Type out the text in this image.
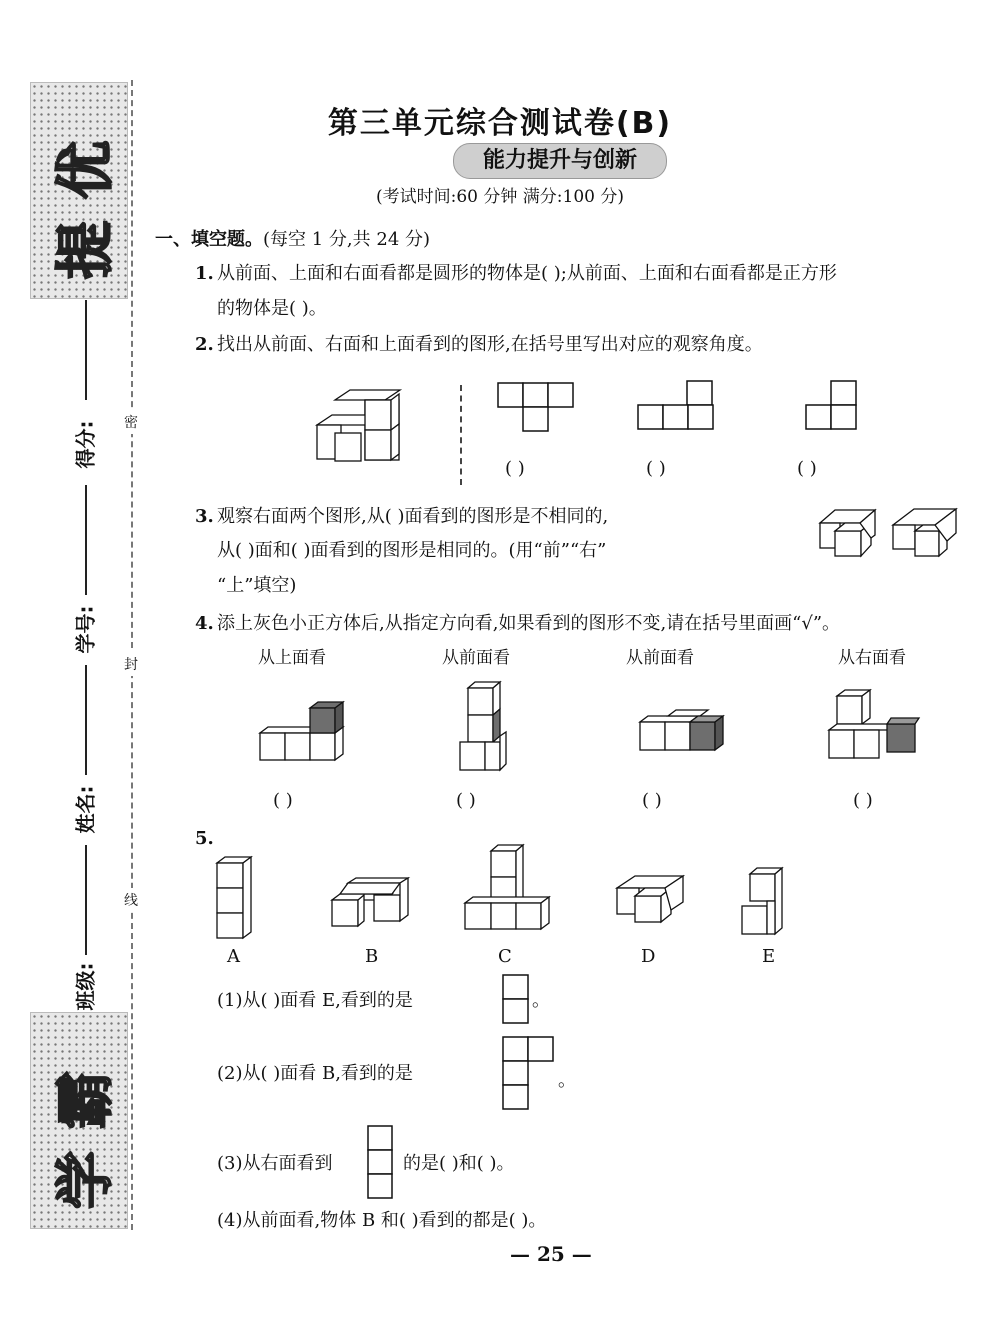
提
优
学
霸
得分:
学号:
姓名:
班级:
密
封
线
第三单元综合测试卷(B)
能力提升与创新
(考试时间:60 分钟 满分:100 分)
一、填空题。(每空 1 分,共 24 分)
1. 从前面、上面和右面看都是圆形的物体是( );从前面、上面和右面看都是正方形
的物体是( )。
2. 找出从前面、右面和上面看到的图形,在括号里写出对应的观察角度。
( )	( )	( )
3. 观察右面两个图形,从( )面看到的图形是不相同的,
从( )面和( )面看到的图形是相同的。(用“前”“右”
“上”填空)
4. 添上灰色小正方体后,从指定方向看,如果看到的图形不变,请在括号里面画“√”。
从上面看	从前面看	从前面看	从右面看
( )	( )	( )	( )
5.
A	B	C	D	E
(1)从( )面看 E,看到的是	。
(2)从( )面看 B,看到的是	。
(3)从右面看到	的是( )和( )。
(4)从前面看,物体 B 和( )看到的都是( )。
— 25 —
